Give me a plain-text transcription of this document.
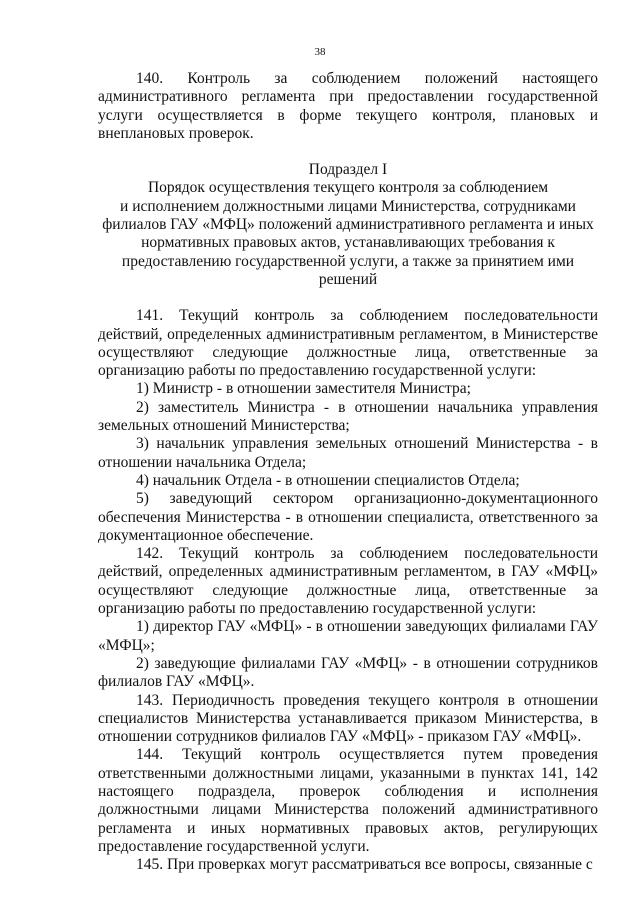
38

140. Контроль за соблюдением положений настоящего административного регламента при предоставлении государственной услуги осуществляется в форме текущего контроля, плановых и внеплановых проверок.

Подраздел I
Порядок осуществления текущего контроля за соблюдением
и исполнением должностными лицами Министерства, сотрудниками
филиалов ГАУ «МФЦ» положений административного регламента и иных
нормативных правовых актов, устанавливающих требования к
предоставлению государственной услуги, а также за принятием ими решений

141. Текущий контроль за соблюдением последовательности действий, определенных административным регламентом, в Министерстве осуществляют следующие должностные лица, ответственные за организацию работы по предоставлению государственной услуги:

1) Министр - в отношении заместителя Министра;

2) заместитель Министра - в отношении начальника управления земельных отношений Министерства;

3) начальник управления земельных отношений Министерства - в отношении начальника Отдела;

4) начальник Отдела - в отношении специалистов Отдела;

5) заведующий сектором организационно-документационного обеспечения Министерства - в отношении специалиста, ответственного за документационное обеспечение.

142. Текущий контроль за соблюдением последовательности действий, определенных административным регламентом, в ГАУ «МФЦ» осуществляют следующие должностные лица, ответственные за организацию работы по предоставлению государственной услуги:

1) директор ГАУ «МФЦ» - в отношении заведующих филиалами ГАУ «МФЦ»;

2) заведующие филиалами ГАУ «МФЦ» - в отношении сотрудников филиалов ГАУ «МФЦ».

143. Периодичность проведения текущего контроля в отношении специалистов Министерства устанавливается приказом Министерства, в отношении сотрудников филиалов ГАУ «МФЦ» - приказом ГАУ «МФЦ».

144. Текущий контроль осуществляется путем проведения ответственными должностными лицами, указанными в пунктах 141, 142 настоящего подраздела, проверок соблюдения и исполнения должностными лицами Министерства положений административного регламента и иных нормативных правовых актов, регулирующих предоставление государственной услуги.

145. При проверках могут рассматриваться все вопросы, связанные с
